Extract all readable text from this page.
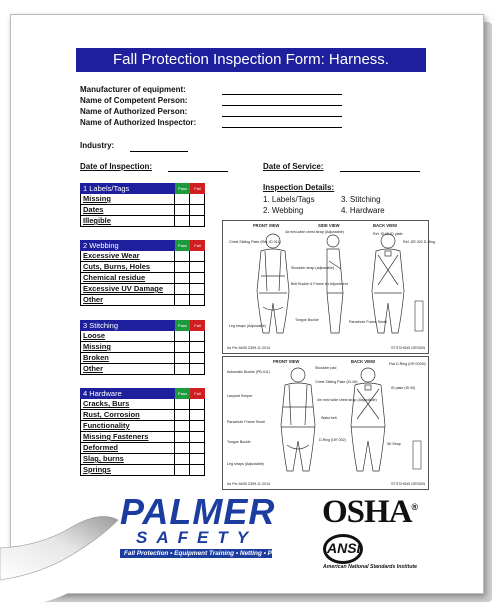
Fall Protection Inspection Form: Harness.
Manufacturer of equipment:
Name of Competent Person:
Name of Authorized Person:
Name of Authorized Inspector:
Industry:
Date of Inspection:	Date of Service:
1 Labels/Tags	Pass	Fail
Missing
Dates
Illegible
2 Webbing	Pass	Fail
Excessive Wear
Cuts, Burns, Holes
Chemical residue
Excessive UV Damage
Other
3 Stitching	Pass	Fail
Loose
Missing
Broken
Other
4 Hardware	Pass	Fail
Cracks, Burs
Rust, Corrosion
Functionality
Missing Fasteners
Deformed
Slag, burns
Springs
Inspection Details:
1. Labels/Tags	3. Stitching
2. Webbing	4. Hardware
FRONT VIEW	SIDE VIEW	BACK VIEW
Chest Sliding Plate (Ref. ID 011)
4a mini-wide chest strap (Adjustable)	Ref. ID 06 ID plate
Ref. DR 002 D-Ring
Shoulder strap (adjustable)
Belt Buckle & Frame for Adjustment
Tongue Buckle	Parachute Frame Small
Leg straps (Adjustable)
As Per ANSI Z359.11-2014	STITCHING DESIGN
FRONT VIEW	BACK VIEW
Automatic Buckle (PB-011)
Shoulder pad
Flat D-Ring (DR 002M)
Chest Sliding Plate (ID-06)
Lanyard Keeper
4m mini wide chest strap (Adjustable)
ID plate (ID 06)
Waist belt
Parachute Frame Small
Tongue Buckle	D-Ring (DR 002)
Sit Strap
Leg straps (Adjustable)
As Per ANSI Z359.11-2014	STITCHING DESIGN
PALMER
SAFETY
Fall Protection • Equipment Training • Netting • PPE
OSHA®
ANSI
American National Standards Institute
